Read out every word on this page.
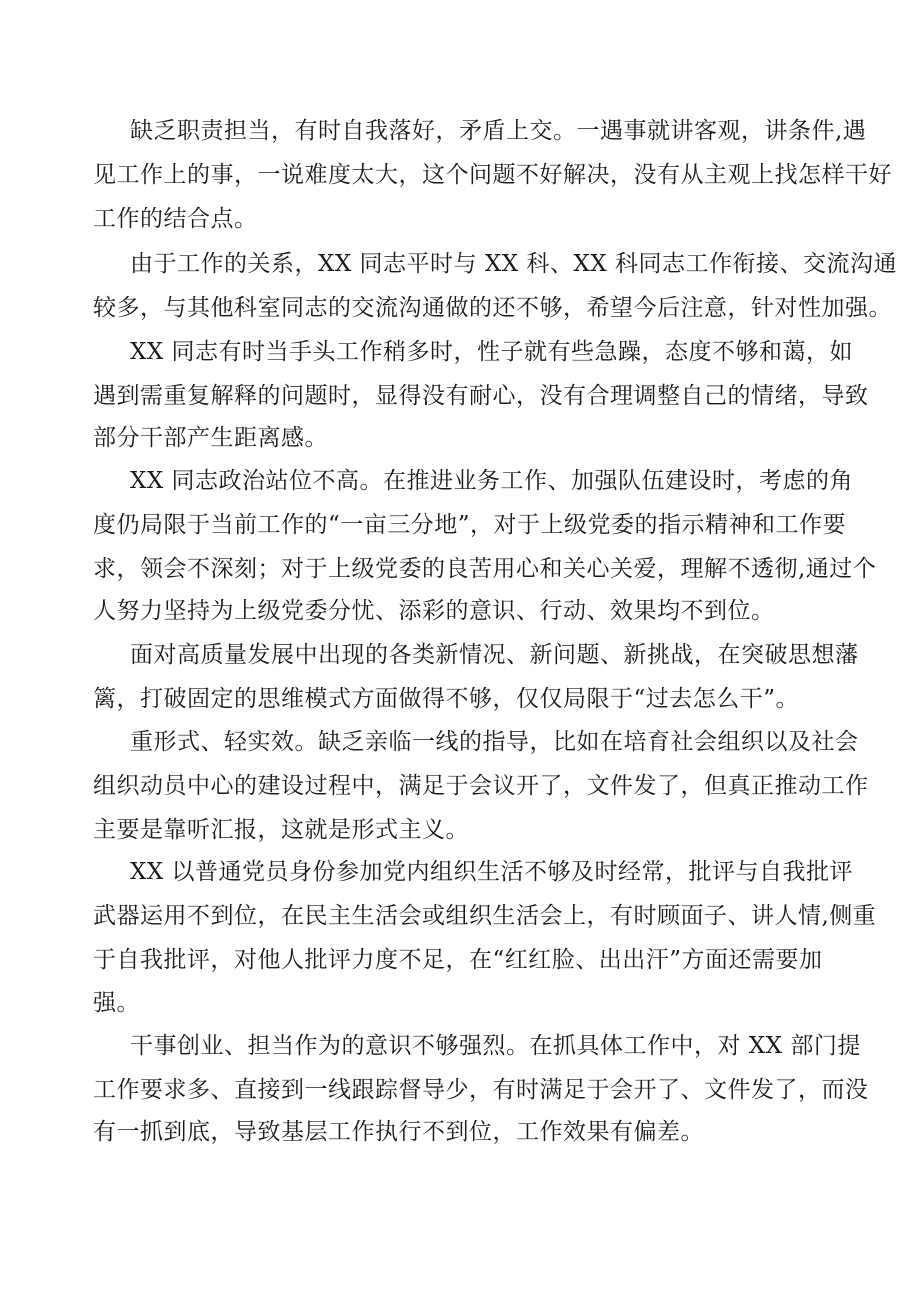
缺乏职责担当，有时自我落好，矛盾上交。一遇事就讲客观，讲条件,遇
见工作上的事，一说难度太大，这个问题不好解决，没有从主观上找怎样干好
工作的结合点。
由于工作的关系，XX 同志平时与 XX 科、XX 科同志工作衔接、交流沟通
较多，与其他科室同志的交流沟通做的还不够，希望今后注意，针对性加强。
XX 同志有时当手头工作稍多时，性子就有些急躁，态度不够和蔼，如
遇到需重复解释的问题时，显得没有耐心，没有合理调整自己的情绪，导致
部分干部产生距离感。
XX 同志政治站位不高。在推进业务工作、加强队伍建设时，考虑的角
度仍局限于当前工作的“一亩三分地”，对于上级党委的指示精神和工作要
求，领会不深刻；对于上级党委的良苦用心和关心关爱，理解不透彻,通过个
人努力坚持为上级党委分忧、添彩的意识、行动、效果均不到位。
面对高质量发展中出现的各类新情况、新问题、新挑战，在突破思想藩
篱，打破固定的思维模式方面做得不够，仅仅局限于“过去怎么干”。
重形式、轻实效。缺乏亲临一线的指导，比如在培育社会组织以及社会
组织动员中心的建设过程中，满足于会议开了，文件发了，但真正推动工作
主要是靠听汇报，这就是形式主义。
XX 以普通党员身份参加党内组织生活不够及时经常，批评与自我批评
武器运用不到位，在民主生活会或组织生活会上，有时顾面子、讲人情,侧重
于自我批评，对他人批评力度不足，在“红红脸、出出汗”方面还需要加
强。
干事创业、担当作为的意识不够强烈。在抓具体工作中，对 XX 部门提
工作要求多、直接到一线跟踪督导少，有时满足于会开了、文件发了，而没
有一抓到底，导致基层工作执行不到位，工作效果有偏差。
